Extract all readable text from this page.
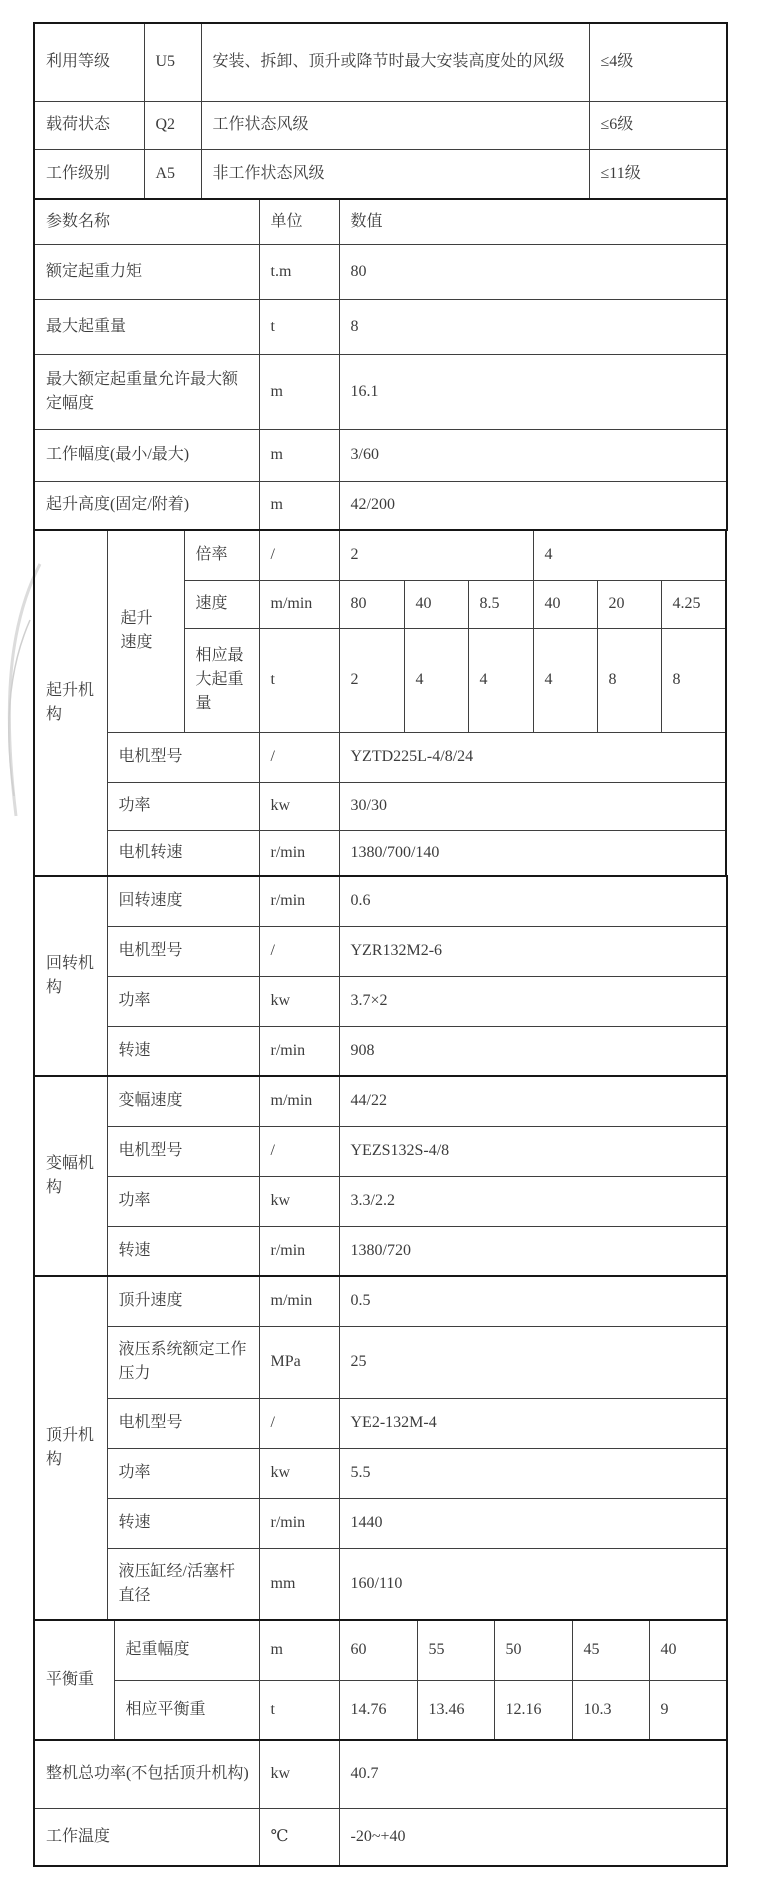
利用等级	U5	安装、拆卸、顶升或降节时最大安装高度处的风级	≤4级
载荷状态	Q2	工作状态风级	≤6级
工作级别	A5	非工作状态风级	≤11级
参数名称	单位	数值
额定起重力矩	t.m	80
最大起重量	t	8
最大额定起重量允许最大额定幅度	m	16.1
工作幅度(最小/最大)	m	3/60
起升高度(固定/附着)	m	42/200
起升机构	起升速度	倍率	/	2			4		
		速度	m/min	80	40	8.5	40	20	4.25
		相应最大起重量	t	2	4	4	4	8	8
	电机型号		/	YZTD225L-4/8/24					
	功率		kw	30/30					
	电机转速		r/min	1380/700/140					
回转机构	回转速度	r/min	0.6
	电机型号	/	YZR132M2-6
	功率	kw	3.7×2
	转速	r/min	908
变幅机构	变幅速度	m/min	44/22
	电机型号	/	YEZS132S-4/8
	功率	kw	3.3/2.2
	转速	r/min	1380/720
顶升机构	顶升速度	m/min	0.5
	液压系统额定工作压力	MPa	25
	电机型号	/	YE2-132M-4
	功率	kw	5.5
	转速	r/min	1440
	液压缸经/活塞杆直径	mm	160/110
平衡重	起重幅度	m	60	55	50	45	40
	相应平衡重	t	14.76	13.46	12.16	10.3	9
整机总功率(不包括顶升机构)	kw	40.7
工作温度	℃	-20~+40
